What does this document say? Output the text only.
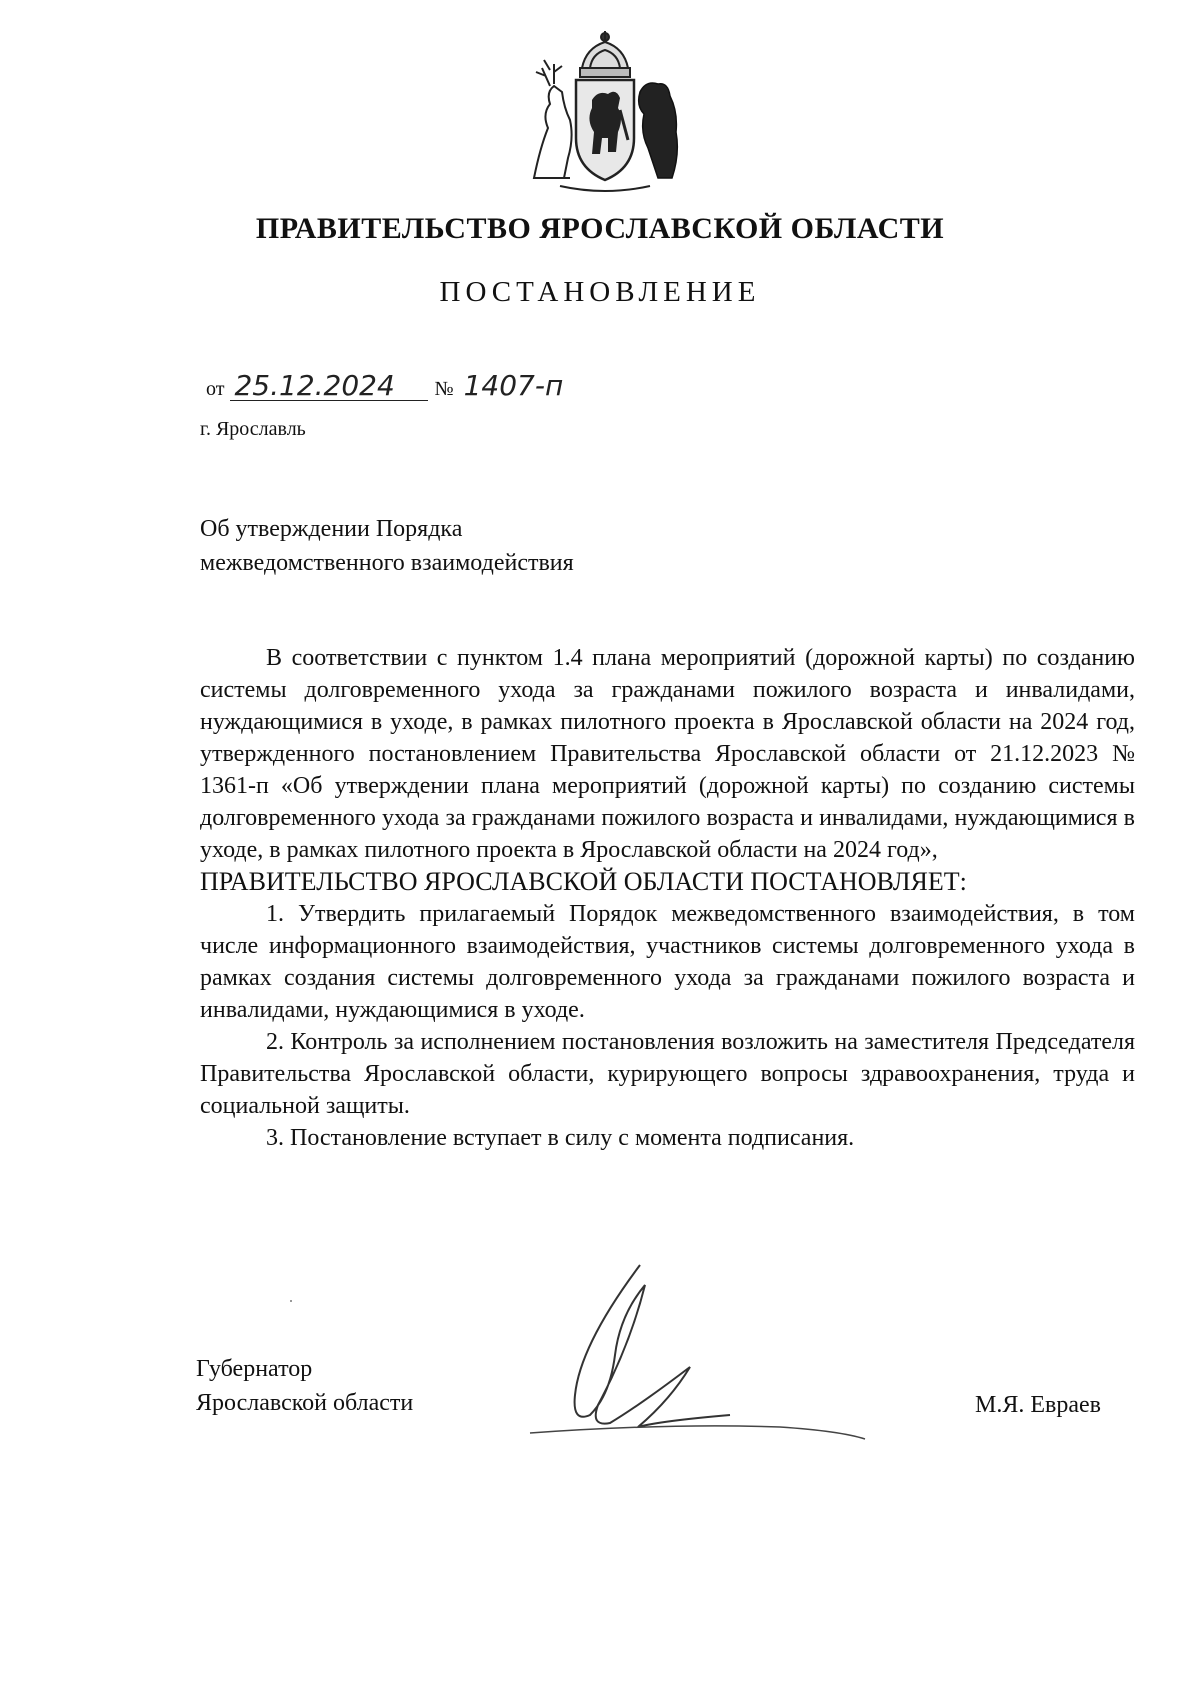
ПРАВИТЕЛЬСТВО ЯРОСЛАВСКОЙ ОБЛАСТИ
ПОСТАНОВЛЕНИЕ
от 25.12.2024 № 1407-п
г. Ярославль
Об утверждении Порядка
межведомственного взаимодействия

В соответствии с пунктом 1.4 плана мероприятий (дорожной карты) по созданию системы долговременного ухода за гражданами пожилого возраста и инвалидами, нуждающимися в уходе, в рамках пилотного проекта в Ярославской области на 2024 год, утвержденного постановлением Правительства Ярославской области от 21.12.2023 № 1361-п «Об утверждении плана мероприятий (дорожной карты) по созданию системы долговременного ухода за гражданами пожилого возраста и инвалидами, нуждающимися в уходе, в рамках пилотного проекта в Ярославской области на 2024 год»,

ПРАВИТЕЛЬСТВО ЯРОСЛАВСКОЙ ОБЛАСТИ ПОСТАНОВЛЯЕТ:

1. Утвердить прилагаемый Порядок межведомственного взаимодействия, в том числе информационного взаимодействия, участников системы долговременного ухода в рамках создания системы долговременного ухода за гражданами пожилого возраста и инвалидами, нуждающимися в уходе.

2. Контроль за исполнением постановления возложить на заместителя Председателя Правительства Ярославской области, курирующего вопросы здравоохранения, труда и социальной защиты.

3. Постановление вступает в силу с момента подписания.

Губернатор
Ярославской области	М.Я. Евраев
